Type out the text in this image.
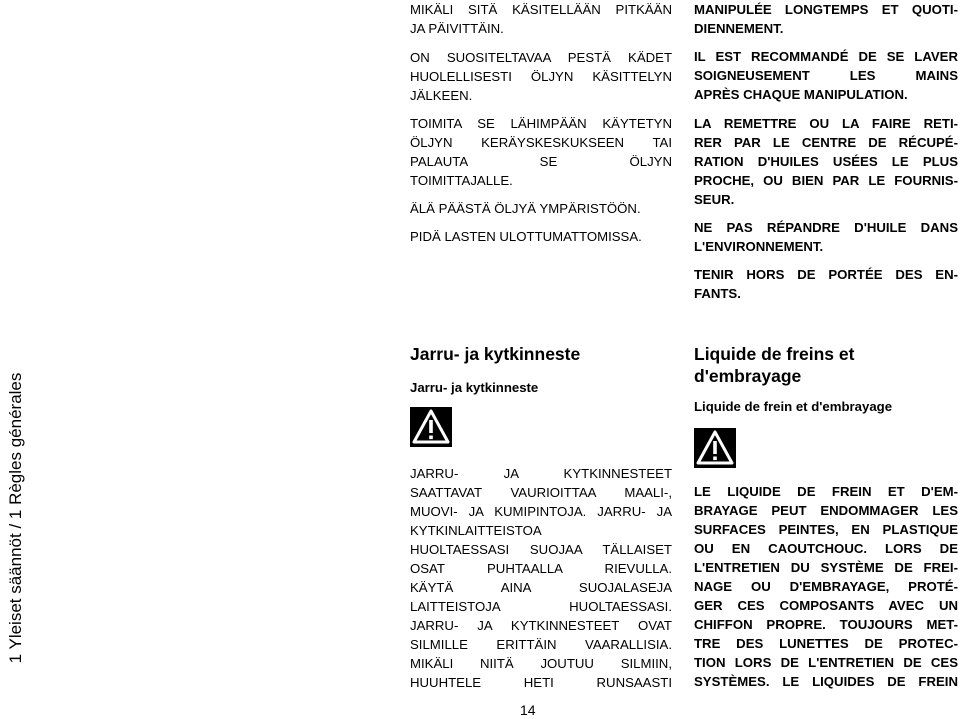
1 Yleiset säännöt / 1 Règles générales

MIKÄLI SITÄ KÄSITELLÄÄN PITKÄÄN
JA PÄIVITTÄIN.

ON SUOSITELTAVAA PESTÄ KÄDET
HUOLELLISESTI ÖLJYN KÄSITTELYN
JÄLKEEN.

TOIMITA SE LÄHIMPÄÄN KÄYTETYN
ÖLJYN KERÄYSKESKUKSEEN TAI
PALAUTA SE ÖLJYN
TOIMITTAJALLE.

ÄLÄ PÄÄSTÄ ÖLJYÄ YMPÄRISTÖÖN.

PIDÄ LASTEN ULOTTUMATTOMISSA.

MANIPULÉE LONGTEMPS ET QUOTI-
DIENNEMENT.

IL EST RECOMMANDÉ DE SE LAVER
SOIGNEUSEMENT LES MAINS
APRÈS CHAQUE MANIPULATION.

LA REMETTRE OU LA FAIRE RETI-
RER PAR LE CENTRE DE RÉCUPÉ-
RATION D'HUILES USÉES LE PLUS
PROCHE, OU BIEN PAR LE FOURNIS-
SEUR.

NE PAS RÉPANDRE D'HUILE DANS
L'ENVIRONNEMENT.

TENIR HORS DE PORTÉE DES EN-
FANTS.

Jarru- ja kytkinneste
Jarru- ja kytkinneste
JARRU- JA KYTKINNESTEET
SAATTAVAT VAURIOITTAA MAALI-,
MUOVI- JA KUMIPINTOJA. JARRU- JA
KYTKINLAITTEISTOA
HUOLTAESSASI SUOJAA TÄLLAISET
OSAT PUHTAALLA RIEVULLA.
KÄYTÄ AINA SUOJALASEJA
LAITTEISTOJA HUOLTAESSASI.
JARRU- JA KYTKINNESTEET OVAT
SILMILLE ERITTÄIN VAARALLISIA.
MIKÄLI NIITÄ JOUTUU SILMIIN,
HUUHTELE HETI RUNSAASTI
Liquide de freins et
d'embrayage
Liquide de frein et d'embrayage
LE LIQUIDE DE FREIN ET D'EM-
BRAYAGE PEUT ENDOMMAGER LES
SURFACES PEINTES, EN PLASTIQUE
OU EN CAOUTCHOUC. LORS DE
L'ENTRETIEN DU SYSTÈME DE FREI-
NAGE OU D'EMBRAYAGE, PROTÉ-
GER CES COMPOSANTS AVEC UN
CHIFFON PROPRE. TOUJOURS MET-
TRE DES LUNETTES DE PROTEC-
TION LORS DE L'ENTRETIEN DE CES
SYSTÈMES. LE LIQUIDES DE FREIN
14
